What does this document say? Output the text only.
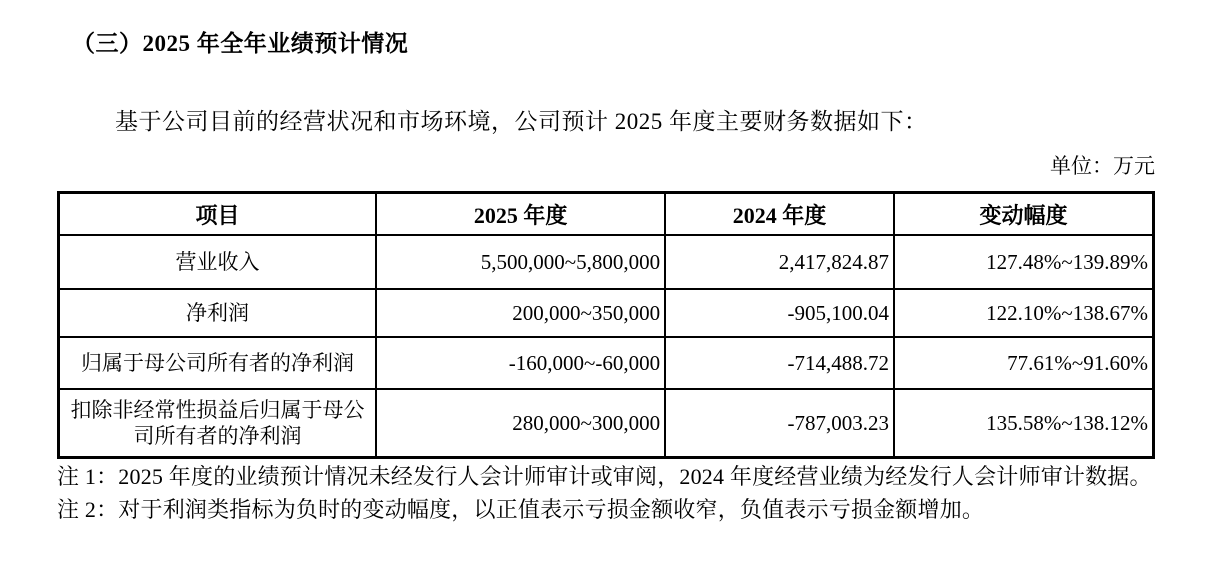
（三）2025 年全年业绩预计情况
基于公司目前的经营状况和市场环境，公司预计 2025 年度主要财务数据如下：
单位：万元
项目	2025 年度	2024 年度	变动幅度
营业收入	5,500,000~5,800,000	2,417,824.87	127.48%~139.89%
净利润	200,000~350,000	-905,100.04	122.10%~138.67%
归属于母公司所有者的净利润	-160,000~-60,000	-714,488.72	77.61%~91.60%
扣除非经常性损益后归属于母公司所有者的净利润	280,000~300,000	-787,003.23	135.58%~138.12%
注 1：2025 年度的业绩预计情况未经发行人会计师审计或审阅，2024 年度经营业绩为经发行人会计师审计数据。
注 2：对于利润类指标为负时的变动幅度，以正值表示亏损金额收窄，负值表示亏损金额增加。
